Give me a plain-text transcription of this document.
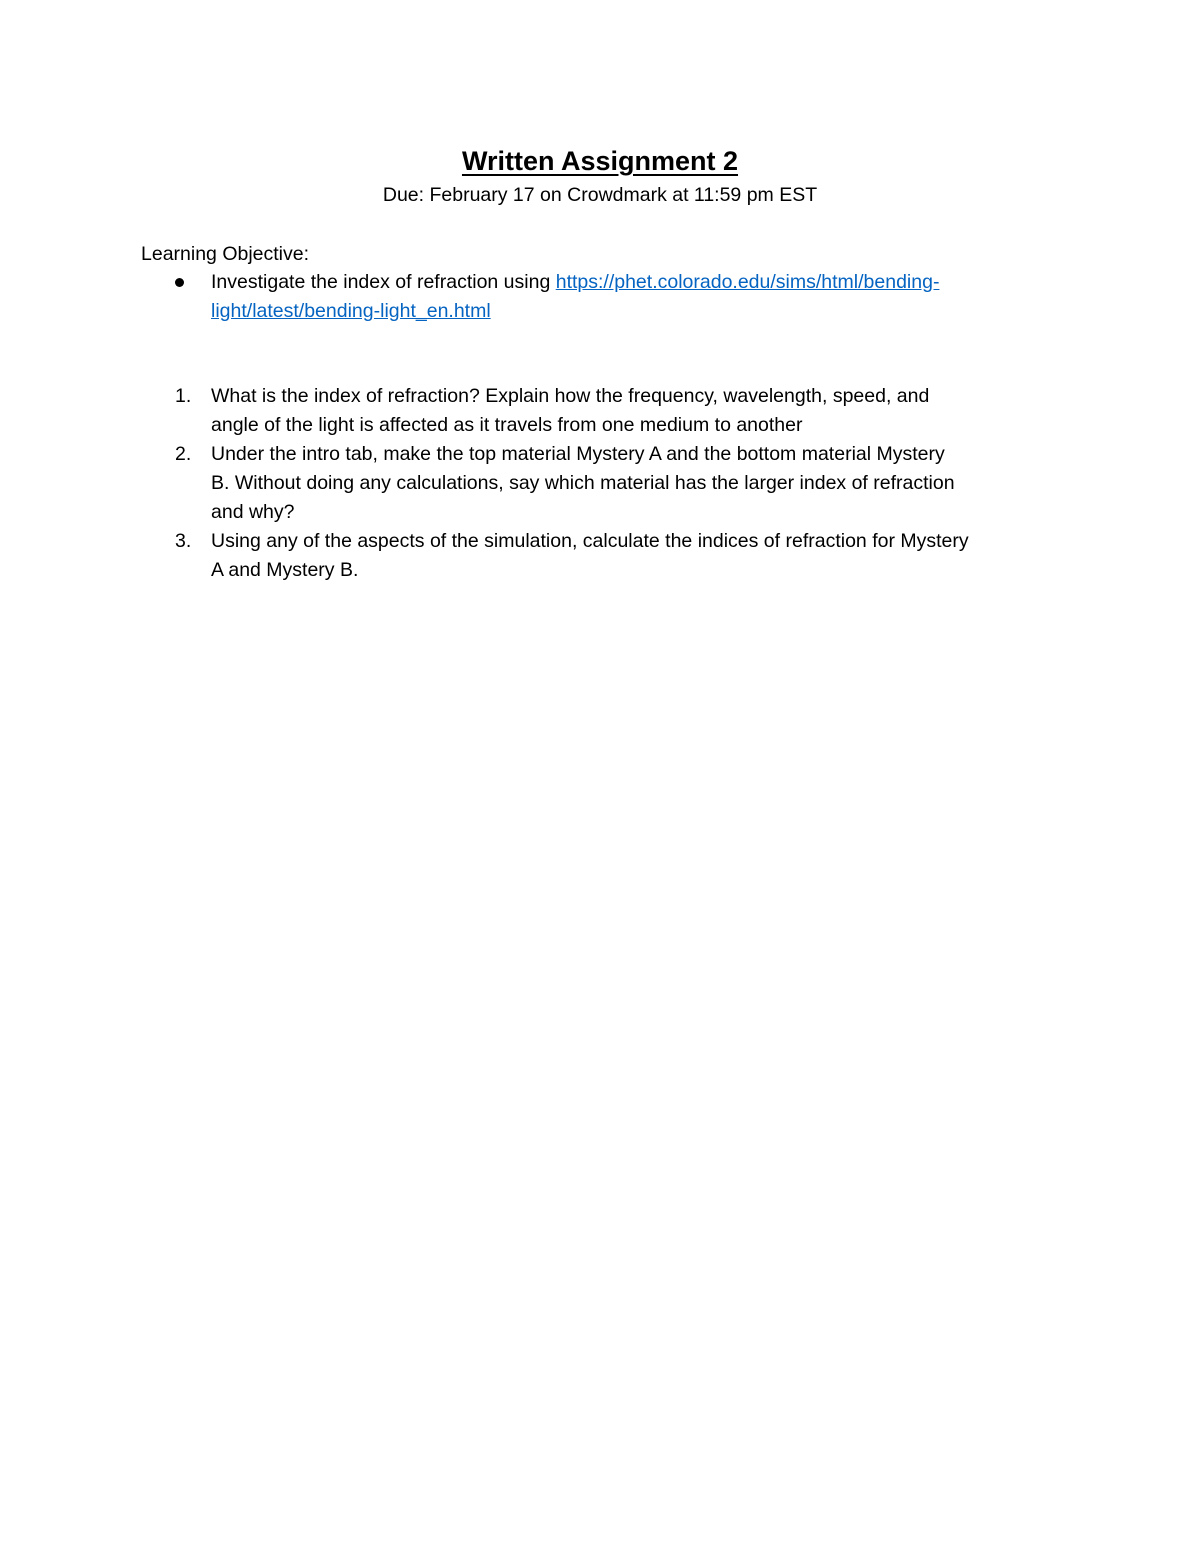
Written Assignment 2
Due: February 17 on Crowdmark at 11:59 pm EST
Learning Objective:
Investigate the index of refraction using https://phet.colorado.edu/sims/html/bending-
light/latest/bending-light_en.html
1. What is the index of refraction? Explain how the frequency, wavelength, speed, and
angle of the light is affected as it travels from one medium to another
2. Under the intro tab, make the top material Mystery A and the bottom material Mystery
B. Without doing any calculations, say which material has the larger index of refraction
and why?
3. Using any of the aspects of the simulation, calculate the indices of refraction for Mystery
A and Mystery B.
